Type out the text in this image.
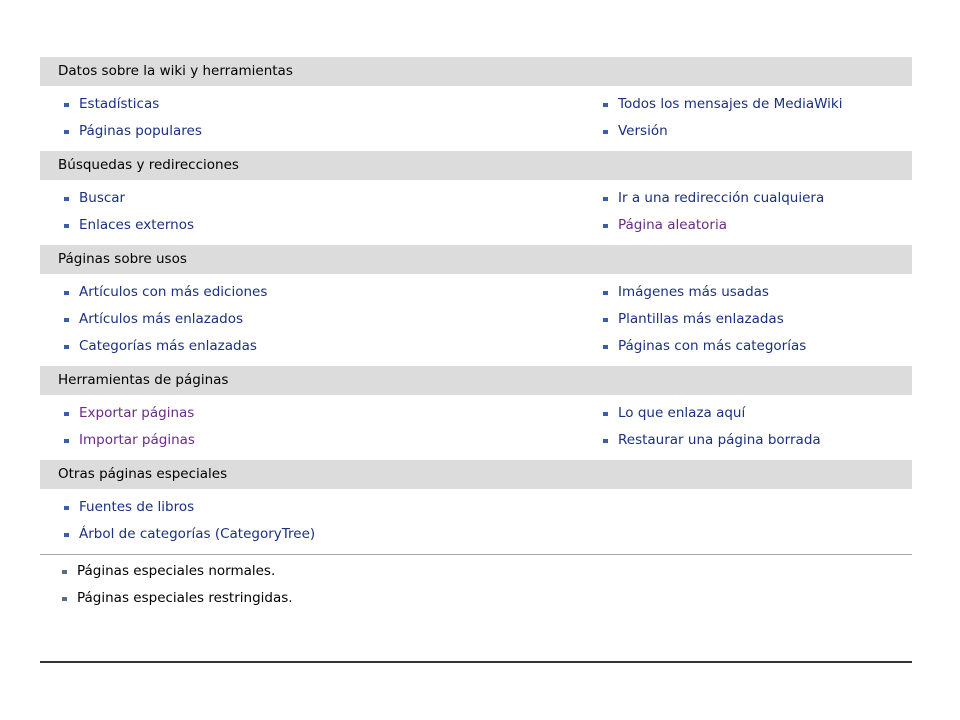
Datos sobre la wiki y herramientas
Estadísticas
Páginas populares
Todos los mensajes de MediaWiki
Versión
Búsquedas y redirecciones
Buscar
Enlaces externos
Ir a una redirección cualquiera
Página aleatoria
Páginas sobre usos
Artículos con más ediciones
Artículos más enlazados
Categorías más enlazadas
Imágenes más usadas
Plantillas más enlazadas
Páginas con más categorías
Herramientas de páginas
Exportar páginas
Importar páginas
Lo que enlaza aquí
Restaurar una página borrada
Otras páginas especiales
Fuentes de libros
Árbol de categorías (CategoryTree)
Páginas especiales normales.
Páginas especiales restringidas.
